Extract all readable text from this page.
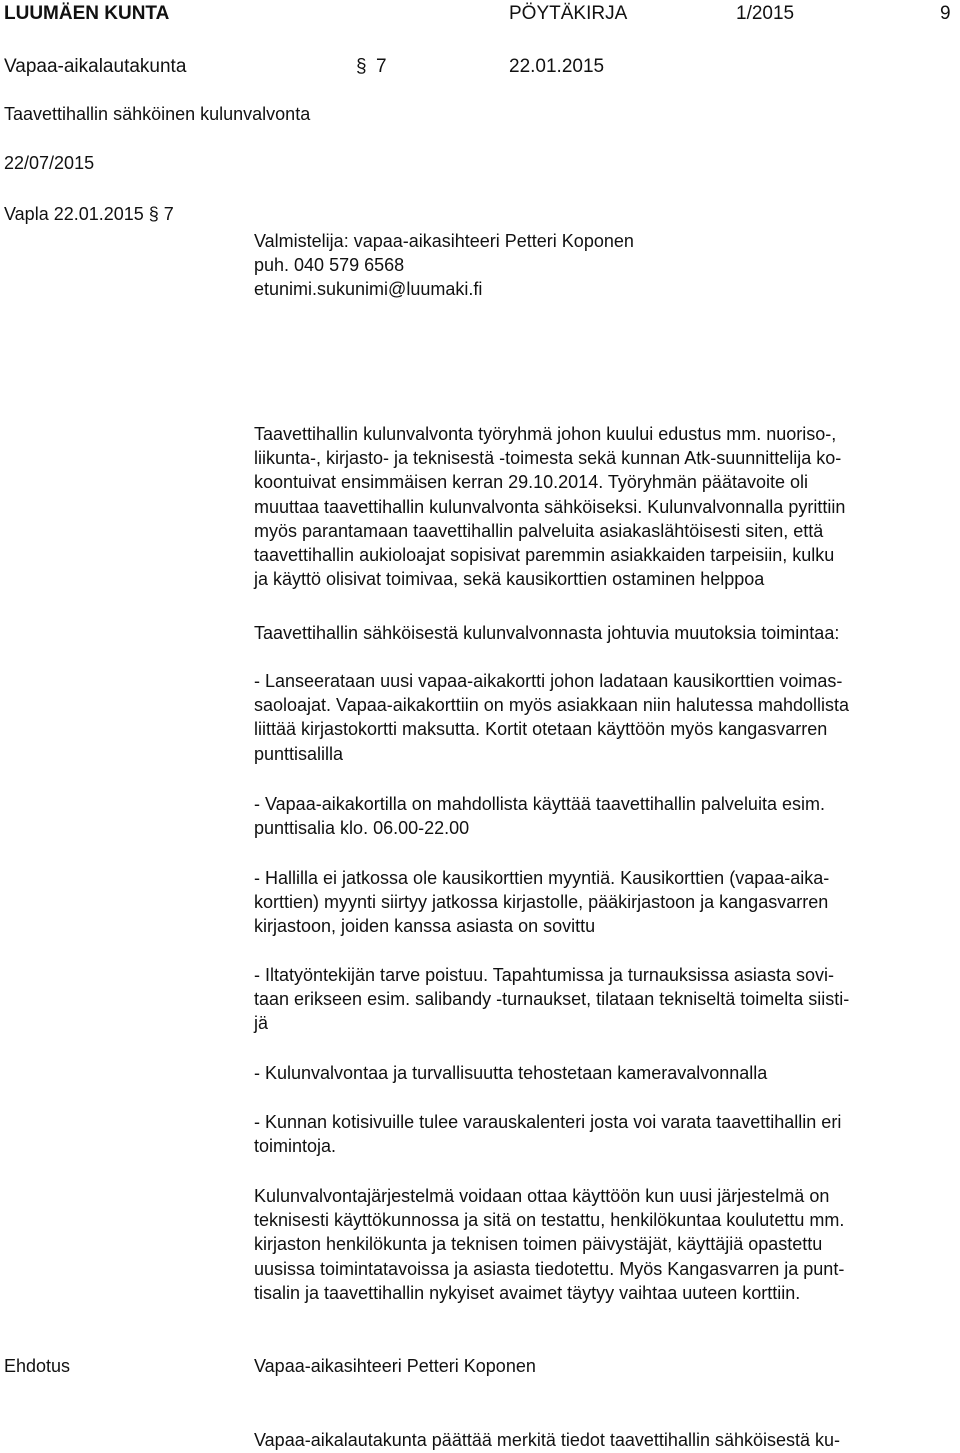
LUUMÄEN KUNTA	PÖYTÄKIRJA	1/2015	9
Vapaa-aikalautakunta	§ 7	22.01.2015
Taavettihallin sähköinen kulunvalvonta
22/07/2015
Vapla 22.01.2015 § 7

Valmistelija: vapaa-aikasihteeri Petteri Koponen

puh. 040 579 6568

etunimi.sukunimi@luumaki.fi

Taavettihallin kulunvalvonta työryhmä johon kuului edustus mm. nuoriso-,

liikunta-, kirjasto- ja teknisestä -toimesta sekä kunnan Atk-suunnittelija ko-

koontuivat ensimmäisen kerran 29.10.2014. Työryhmän päätavoite oli

muuttaa taavettihallin kulunvalvonta sähköiseksi. Kulunvalvonnalla pyrittiin

myös parantamaan taavettihallin palveluita asiakaslähtöisesti siten, että

taavettihallin aukioloajat sopisivat paremmin asiakkaiden tarpeisiin, kulku

ja käyttö olisivat toimivaa, sekä kausikorttien ostaminen helppoa

Taavettihallin sähköisestä kulunvalvonnasta johtuvia muutoksia toimintaa:

- Lanseerataan uusi vapaa-aikakortti johon ladataan kausikorttien voimas-

saoloajat. Vapaa-aikakorttiin on myös asiakkaan niin halutessa mahdollista

liittää kirjastokortti maksutta. Kortit otetaan käyttöön myös kangasvarren

punttisalilla

- Vapaa-aikakortilla on mahdollista käyttää taavettihallin palveluita esim.

punttisalia klo. 06.00-22.00

- Hallilla ei jatkossa ole kausikorttien myyntiä. Kausikorttien (vapaa-aika-

korttien) myynti siirtyy jatkossa kirjastolle, pääkirjastoon ja kangasvarren

kirjastoon, joiden kanssa asiasta on sovittu

- Iltatyöntekijän tarve poistuu. Tapahtumissa ja turnauksissa asiasta sovi-

taan erikseen esim. salibandy -turnaukset, tilataan tekniseltä toimelta siisti-

jä

- Kulunvalvontaa ja turvallisuutta tehostetaan kameravalvonnalla

- Kunnan kotisivuille tulee varauskalenteri josta voi varata taavettihallin eri

toimintoja.

Kulunvalvontajärjestelmä voidaan ottaa käyttöön kun uusi järjestelmä on

teknisesti käyttökunnossa ja sitä on testattu, henkilökuntaa koulutettu mm.

kirjaston henkilökunta ja teknisen toimen päivystäjät, käyttäjiä opastettu

uusissa toimintatavoissa ja asiasta tiedotettu. Myös Kangasvarren ja punt-

tisalin ja taavettihallin nykyiset avaimet täytyy vaihtaa uuteen korttiin.

Ehdotus	Vapaa-aikasihteeri Petteri Koponen
Vapaa-aikalautakunta päättää merkitä tiedot taavettihallin sähköisestä ku-
